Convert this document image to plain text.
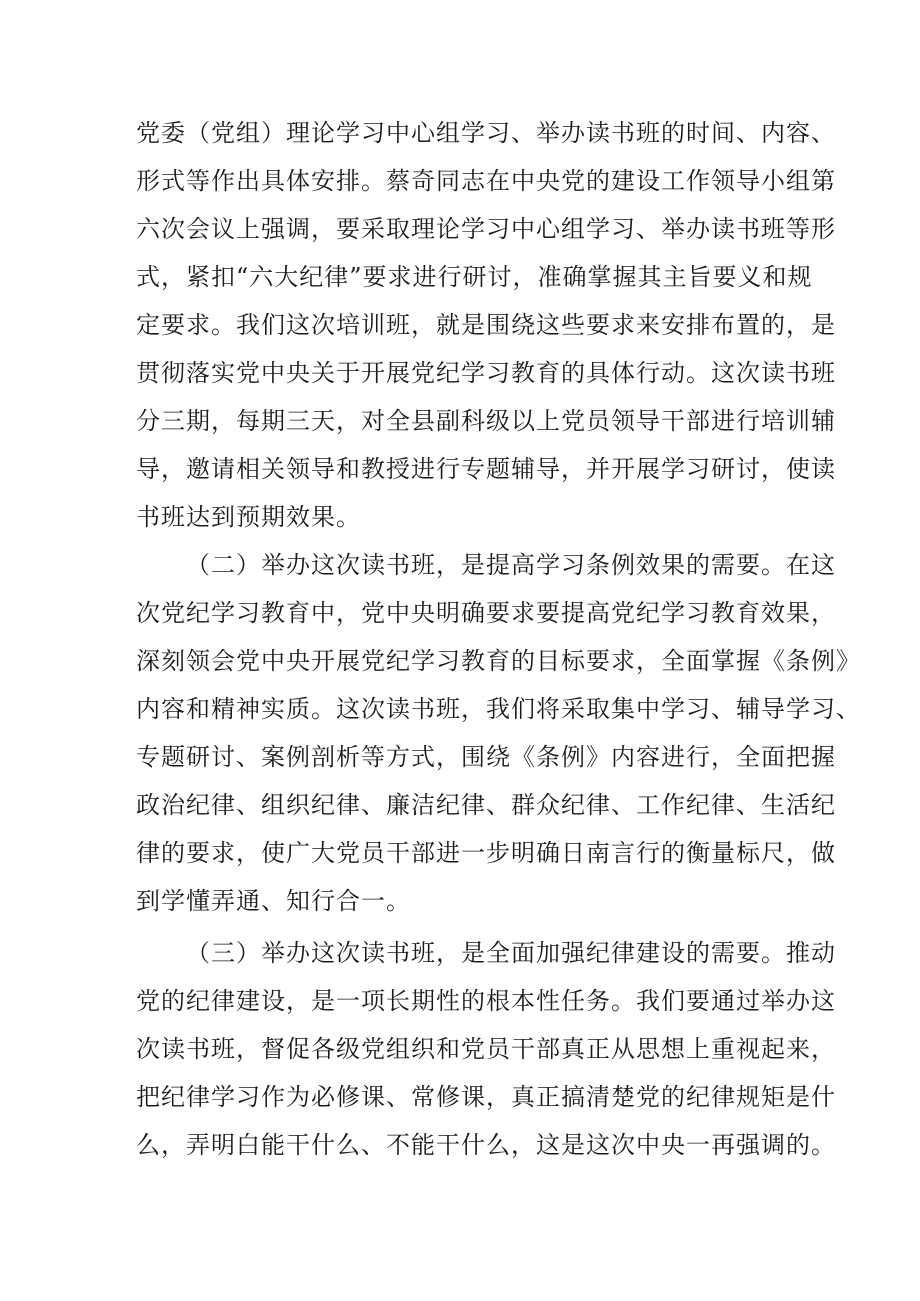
党委（党组）理论学习中心组学习、举办读书班的时间、内容、
形式等作出具体安排。蔡奇同志在中央党的建设工作领导小组第
六次会议上强调，要采取理论学习中心组学习、举办读书班等形
式，紧扣“六大纪律”要求进行研讨，准确掌握其主旨要义和规
定要求。我们这次培训班，就是围绕这些要求来安排布置的，是
贯彻落实党中央关于开展党纪学习教育的具体行动。这次读书班
分三期，每期三天，对全县副科级以上党员领导干部进行培训辅
导，邀请相关领导和教授进行专题辅导，并开展学习研讨，使读
书班达到预期效果。
（二）举办这次读书班，是提高学习条例效果的需要。在这
次党纪学习教育中，党中央明确要求要提高党纪学习教育效果，
深刻领会党中央开展党纪学习教育的目标要求，全面掌握《条例》
内容和精神实质。这次读书班，我们将采取集中学习、辅导学习、
专题研讨、案例剖析等方式，围绕《条例》内容进行，全面把握
政治纪律、组织纪律、廉洁纪律、群众纪律、工作纪律、生活纪
律的要求，使广大党员干部进一步明确日南言行的衡量标尺，做
到学懂弄通、知行合一。
（三）举办这次读书班，是全面加强纪律建设的需要。推动
党的纪律建设，是一项长期性的根本性任务。我们要通过举办这
次读书班，督促各级党组织和党员干部真正从思想上重视起来，
把纪律学习作为必修课、常修课，真正搞清楚党的纪律规矩是什
么，弄明白能干什么、不能干什么，这是这次中央一再强调的。
